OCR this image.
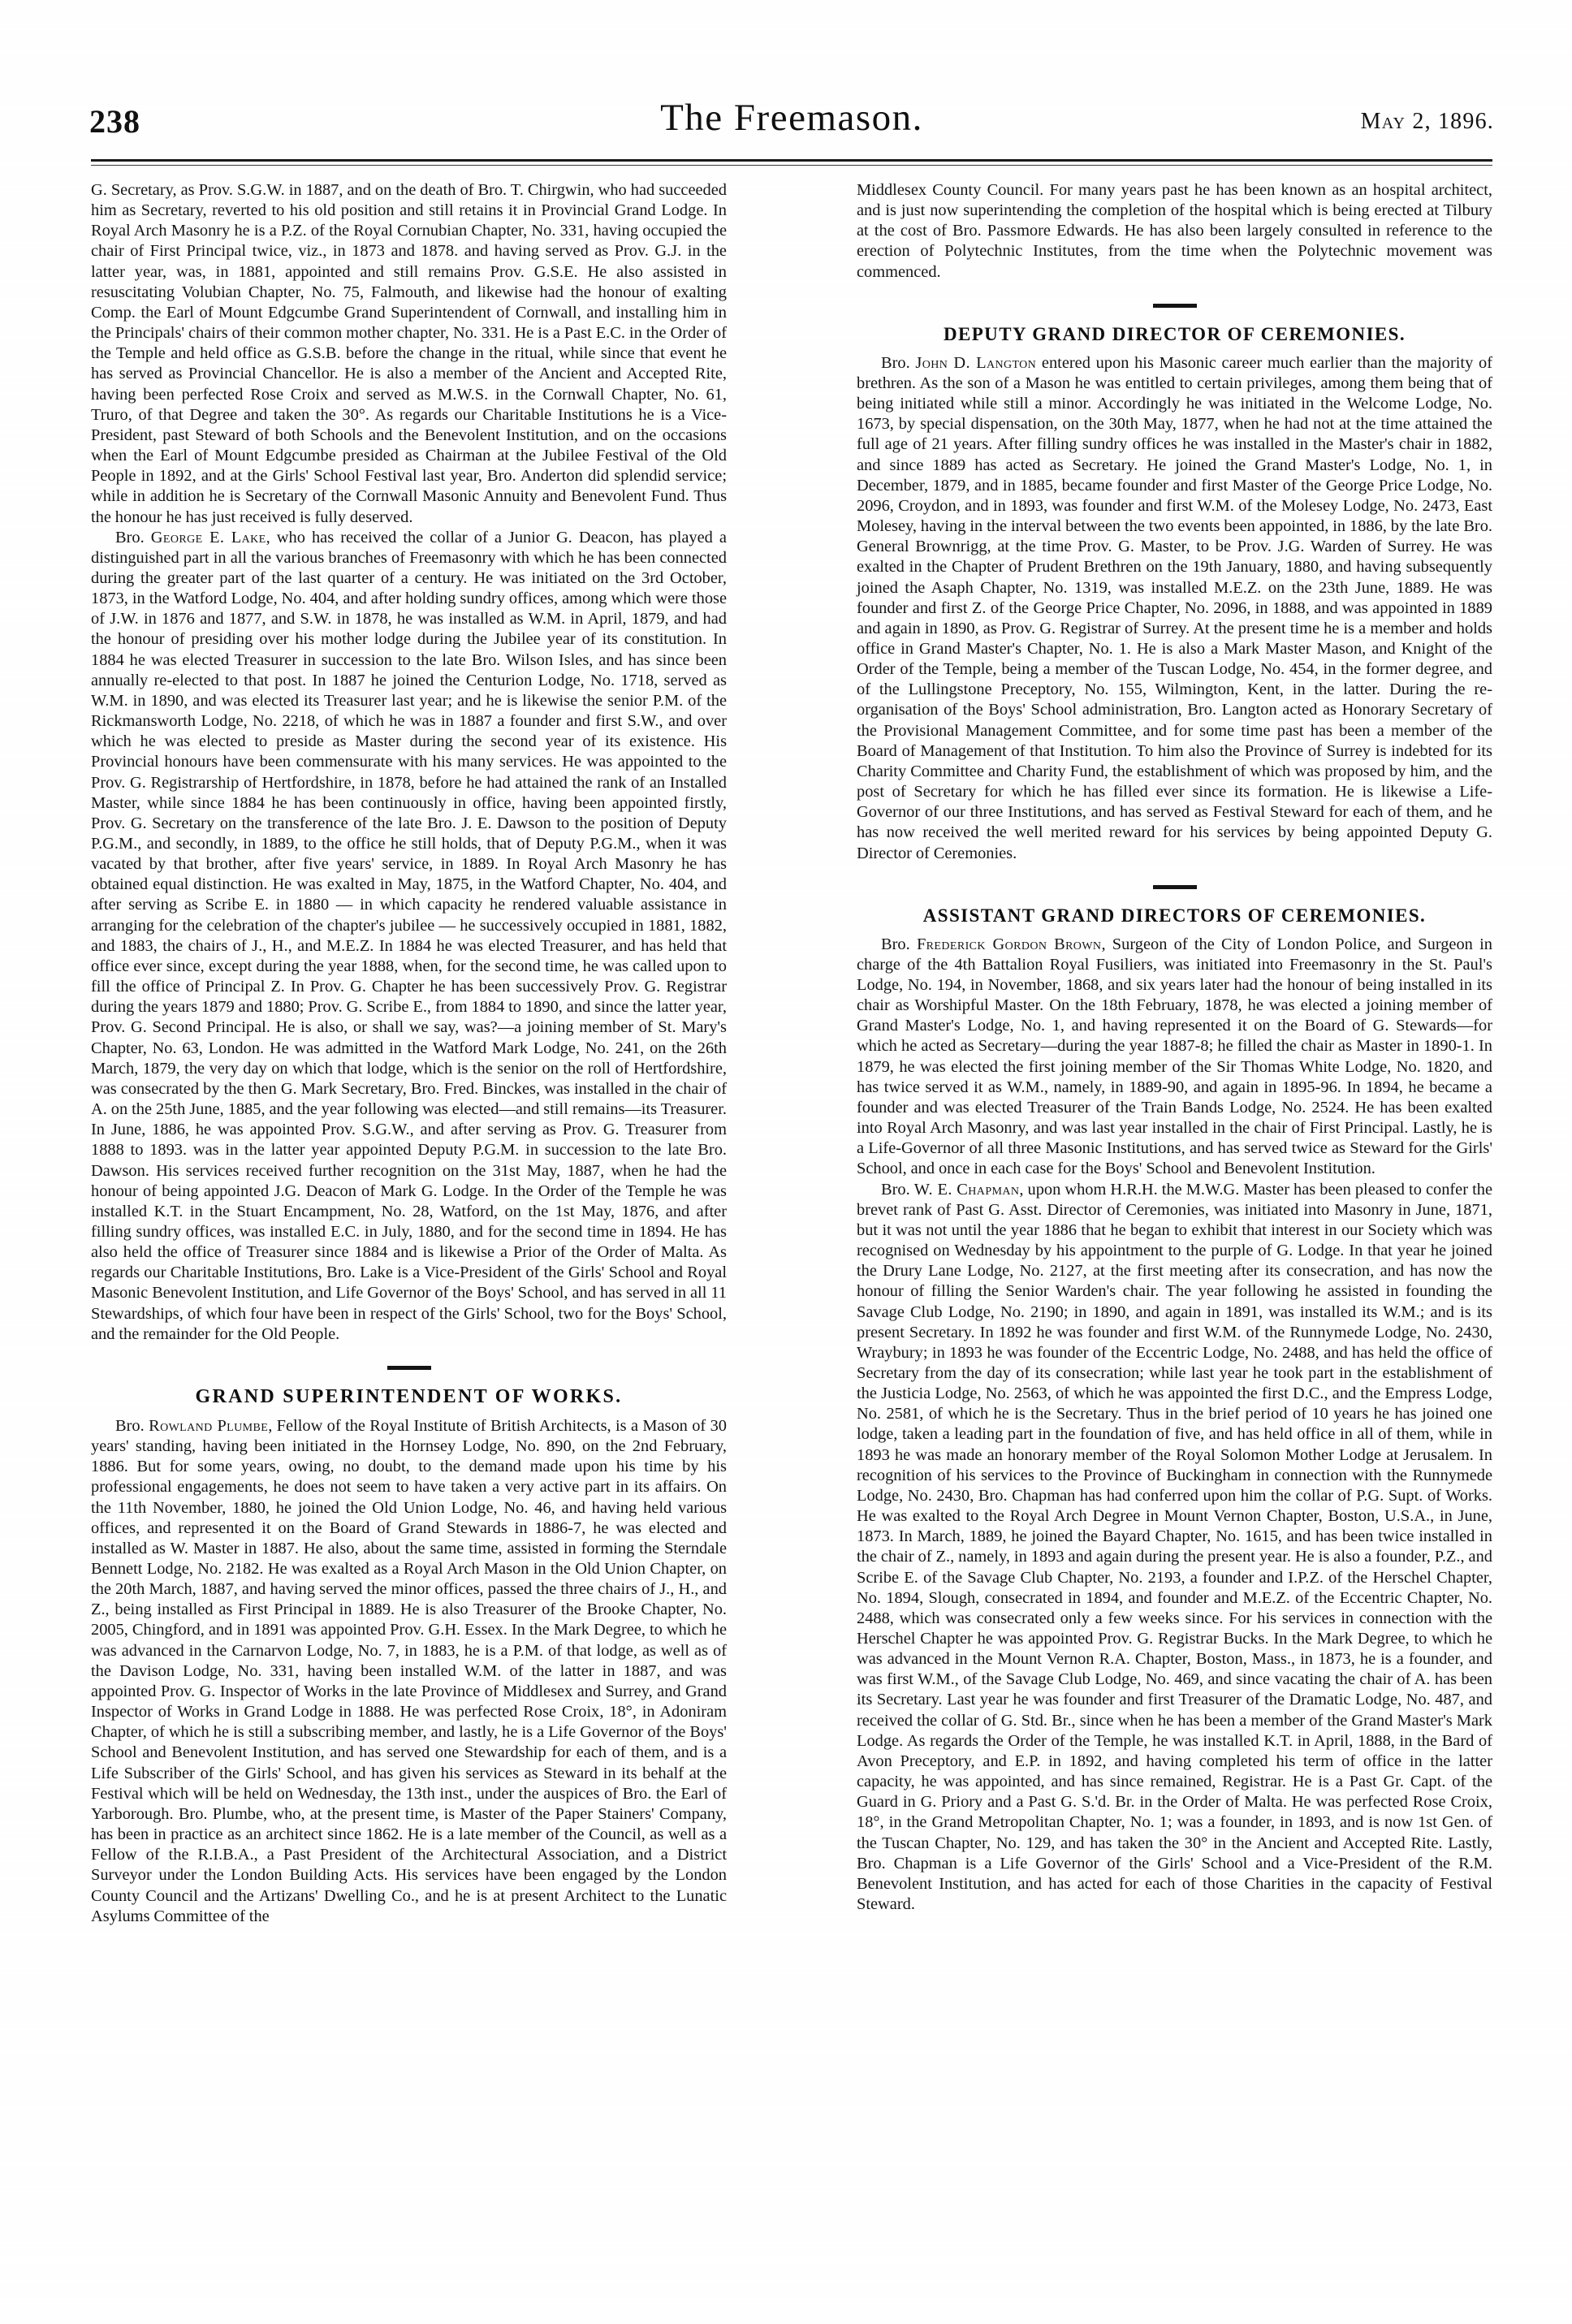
238	The Freemason.	may 2, 1896.

G. Secretary, as Prov. S.G.W. in 1887, and on the death of Bro. T. Chirgwin, who had succeeded him as Secretary, reverted to his old position and still retains it in Provincial Grand Lodge. In Royal Arch Masonry he is a P.Z. of the Royal Cornubian Chapter, No. 331, having occupied the chair of First Principal twice, viz., in 1873 and 1878. and having served as Prov. G.J. in the latter year, was, in 1881, appointed and still remains Prov. G.S.E. He also assisted in resuscitating Volubian Chapter, No. 75, Falmouth, and likewise had the honour of exalting Comp. the Earl of Mount Edgcumbe Grand Superintendent of Cornwall, and installing him in the Principals' chairs of their common mother chapter, No. 331. He is a Past E.C. in the Order of the Temple and held office as G.S.B. before the change in the ritual, while since that event he has served as Provincial Chancellor. He is also a member of the Ancient and Accepted Rite, having been perfected Rose Croix and served as M.W.S. in the Cornwall Chapter, No. 61, Truro, of that Degree and taken the 30°. As regards our Charitable Institutions he is a Vice-President, past Steward of both Schools and the Benevolent Institution, and on the occasions when the Earl of Mount Edgcumbe presided as Chairman at the Jubilee Festival of the Old People in 1892, and at the Girls' School Festival last year, Bro. Anderton did splendid service; while in addition he is Secretary of the Cornwall Masonic Annuity and Benevolent Fund. Thus the honour he has just received is fully deserved.

Bro. George E. Lake, who has received the collar of a Junior G. Deacon, has played a distinguished part in all the various branches of Freemasonry with which he has been connected during the greater part of the last quarter of a century. He was initiated on the 3rd October, 1873, in the Watford Lodge, No. 404, and after holding sundry offices, among which were those of J.W. in 1876 and 1877, and S.W. in 1878, he was installed as W.M. in April, 1879, and had the honour of presiding over his mother lodge during the Jubilee year of its constitution. In 1884 he was elected Treasurer in succession to the late Bro. Wilson Isles, and has since been annually re-elected to that post. In 1887 he joined the Centurion Lodge, No. 1718, served as W.M. in 1890, and was elected its Treasurer last year; and he is likewise the senior P.M. of the Rickmansworth Lodge, No. 2218, of which he was in 1887 a founder and first S.W., and over which he was elected to preside as Master during the second year of its existence. His Provincial honours have been commensurate with his many services. He was appointed to the Prov. G. Registrarship of Hertfordshire, in 1878, before he had attained the rank of an Installed Master, while since 1884 he has been continuously in office, having been appointed firstly, Prov. G. Secretary on the transference of the late Bro. J. E. Dawson to the position of Deputy P.G.M., and secondly, in 1889, to the office he still holds, that of Deputy P.G.M., when it was vacated by that brother, after five years' service, in 1889. In Royal Arch Masonry he has obtained equal distinction. He was exalted in May, 1875, in the Watford Chapter, No. 404, and after serving as Scribe E. in 1880 — in which capacity he rendered valuable assistance in arranging for the celebration of the chapter's jubilee — he successively occupied in 1881, 1882, and 1883, the chairs of J., H., and M.E.Z. In 1884 he was elected Treasurer, and has held that office ever since, except during the year 1888, when, for the second time, he was called upon to fill the office of Principal Z. In Prov. G. Chapter he has been successively Prov. G. Registrar during the years 1879 and 1880; Prov. G. Scribe E., from 1884 to 1890, and since the latter year, Prov. G. Second Principal. He is also, or shall we say, was?—a joining member of St. Mary's Chapter, No. 63, London. He was admitted in the Watford Mark Lodge, No. 241, on the 26th March, 1879, the very day on which that lodge, which is the senior on the roll of Hertfordshire, was consecrated by the then G. Mark Secretary, Bro. Fred. Binckes, was installed in the chair of A. on the 25th June, 1885, and the year following was elected—and still remains—its Treasurer. In June, 1886, he was appointed Prov. S.G.W., and after serving as Prov. G. Treasurer from 1888 to 1893. was in the latter year appointed Deputy P.G.M. in succession to the late Bro. Dawson. His services received further recognition on the 31st May, 1887, when he had the honour of being appointed J.G. Deacon of Mark G. Lodge. In the Order of the Temple he was installed K.T. in the Stuart Encampment, No. 28, Watford, on the 1st May, 1876, and after filling sundry offices, was installed E.C. in July, 1880, and for the second time in 1894. He has also held the office of Treasurer since 1884 and is likewise a Prior of the Order of Malta. As regards our Charitable Institutions, Bro. Lake is a Vice-President of the Girls' School and Royal Masonic Benevolent Institution, and Life Governor of the Boys' School, and has served in all 11 Stewardships, of which four have been in respect of the Girls' School, two for the Boys' School, and the remainder for the Old People.

GRAND SUPERINTENDENT OF WORKS.

Bro. Rowland Plumbe, Fellow of the Royal Institute of British Architects, is a Mason of 30 years' standing, having been initiated in the Hornsey Lodge, No. 890, on the 2nd February, 1886. But for some years, owing, no doubt, to the demand made upon his time by his professional engagements, he does not seem to have taken a very active part in its affairs. On the 11th November, 1880, he joined the Old Union Lodge, No. 46, and having held various offices, and represented it on the Board of Grand Stewards in 1886-7, he was elected and installed as W. Master in 1887. He also, about the same time, assisted in forming the Sterndale Bennett Lodge, No. 2182. He was exalted as a Royal Arch Mason in the Old Union Chapter, on the 20th March, 1887, and having served the minor offices, passed the three chairs of J., H., and Z., being installed as First Principal in 1889. He is also Treasurer of the Brooke Chapter, No. 2005, Chingford, and in 1891 was appointed Prov. G.H. Essex. In the Mark Degree, to which he was advanced in the Carnarvon Lodge, No. 7, in 1883, he is a P.M. of that lodge, as well as of the Davison Lodge, No. 331, having been installed W.M. of the latter in 1887, and was appointed Prov. G. Inspector of Works in the late Province of Middlesex and Surrey, and Grand Inspector of Works in Grand Lodge in 1888. He was perfected Rose Croix, 18°, in Adoniram Chapter, of which he is still a subscribing member, and lastly, he is a Life Governor of the Boys' School and Benevolent Institution, and has served one Stewardship for each of them, and is a Life Subscriber of the Girls' School, and has given his services as Steward in its behalf at the Festival which will be held on Wednesday, the 13th inst., under the auspices of Bro. the Earl of Yarborough. Bro. Plumbe, who, at the present time, is Master of the Paper Stainers' Company, has been in practice as an architect since 1862. He is a late member of the Council, as well as a Fellow of the R.I.B.A., a Past President of the Architectural Association, and a District Surveyor under the London Building Acts. His services have been engaged by the London County Council and the Artizans' Dwelling Co., and he is at present Architect to the Lunatic Asylums Committee of the

Middlesex County Council. For many years past he has been known as an hospital architect, and is just now superintending the completion of the hospital which is being erected at Tilbury at the cost of Bro. Passmore Edwards. He has also been largely consulted in reference to the erection of Polytechnic Institutes, from the time when the Polytechnic movement was commenced.

DEPUTY GRAND DIRECTOR OF CEREMONIES.

Bro. John D. Langton entered upon his Masonic career much earlier than the majority of brethren. As the son of a Mason he was entitled to certain privileges, among them being that of being initiated while still a minor. Accordingly he was initiated in the Welcome Lodge, No. 1673, by special dispensation, on the 30th May, 1877, when he had not at the time attained the full age of 21 years. After filling sundry offices he was installed in the Master's chair in 1882, and since 1889 has acted as Secretary. He joined the Grand Master's Lodge, No. 1, in December, 1879, and in 1885, became founder and first Master of the George Price Lodge, No. 2096, Croydon, and in 1893, was founder and first W.M. of the Molesey Lodge, No. 2473, East Molesey, having in the interval between the two events been appointed, in 1886, by the late Bro. General Brownrigg, at the time Prov. G. Master, to be Prov. J.G. Warden of Surrey. He was exalted in the Chapter of Prudent Brethren on the 19th January, 1880, and having subsequently joined the Asaph Chapter, No. 1319, was installed M.E.Z. on the 23th June, 1889. He was founder and first Z. of the George Price Chapter, No. 2096, in 1888, and was appointed in 1889 and again in 1890, as Prov. G. Registrar of Surrey. At the present time he is a member and holds office in Grand Master's Chapter, No. 1. He is also a Mark Master Mason, and Knight of the Order of the Temple, being a member of the Tuscan Lodge, No. 454, in the former degree, and of the Lullingstone Preceptory, No. 155, Wilmington, Kent, in the latter. During the re-organisation of the Boys' School administration, Bro. Langton acted as Honorary Secretary of the Provisional Management Committee, and for some time past has been a member of the Board of Management of that Institution. To him also the Province of Surrey is indebted for its Charity Committee and Charity Fund, the establishment of which was proposed by him, and the post of Secretary for which he has filled ever since its formation. He is likewise a Life-Governor of our three Institutions, and has served as Festival Steward for each of them, and he has now received the well merited reward for his services by being appointed Deputy G. Director of Ceremonies.

ASSISTANT GRAND DIRECTORS OF CEREMONIES.

Bro. Frederick Gordon Brown, Surgeon of the City of London Police, and Surgeon in charge of the 4th Battalion Royal Fusiliers, was initiated into Freemasonry in the St. Paul's Lodge, No. 194, in November, 1868, and six years later had the honour of being installed in its chair as Worshipful Master. On the 18th February, 1878, he was elected a joining member of Grand Master's Lodge, No. 1, and having represented it on the Board of G. Stewards—for which he acted as Secretary—during the year 1887-8; he filled the chair as Master in 1890-1. In 1879, he was elected the first joining member of the Sir Thomas White Lodge, No. 1820, and has twice served it as W.M., namely, in 1889-90, and again in 1895-96. In 1894, he became a founder and was elected Treasurer of the Train Bands Lodge, No. 2524. He has been exalted into Royal Arch Masonry, and was last year installed in the chair of First Principal. Lastly, he is a Life-Governor of all three Masonic Institutions, and has served twice as Steward for the Girls' School, and once in each case for the Boys' School and Benevolent Institution.

Bro. W. E. Chapman, upon whom H.R.H. the M.W.G. Master has been pleased to confer the brevet rank of Past G. Asst. Director of Ceremonies, was initiated into Masonry in June, 1871, but it was not until the year 1886 that he began to exhibit that interest in our Society which was recognised on Wednesday by his appointment to the purple of G. Lodge. In that year he joined the Drury Lane Lodge, No. 2127, at the first meeting after its consecration, and has now the honour of filling the Senior Warden's chair. The year following he assisted in founding the Savage Club Lodge, No. 2190; in 1890, and again in 1891, was installed its W.M.; and is its present Secretary. In 1892 he was founder and first W.M. of the Runnymede Lodge, No. 2430, Wraybury; in 1893 he was founder of the Eccentric Lodge, No. 2488, and has held the office of Secretary from the day of its consecration; while last year he took part in the establishment of the Justicia Lodge, No. 2563, of which he was appointed the first D.C., and the Empress Lodge, No. 2581, of which he is the Secretary. Thus in the brief period of 10 years he has joined one lodge, taken a leading part in the foundation of five, and has held office in all of them, while in 1893 he was made an honorary member of the Royal Solomon Mother Lodge at Jerusalem. In recognition of his services to the Province of Buckingham in connection with the Runnymede Lodge, No. 2430, Bro. Chapman has had conferred upon him the collar of P.G. Supt. of Works. He was exalted to the Royal Arch Degree in Mount Vernon Chapter, Boston, U.S.A., in June, 1873. In March, 1889, he joined the Bayard Chapter, No. 1615, and has been twice installed in the chair of Z., namely, in 1893 and again during the present year. He is also a founder, P.Z., and Scribe E. of the Savage Club Chapter, No. 2193, a founder and I.P.Z. of the Herschel Chapter, No. 1894, Slough, consecrated in 1894, and founder and M.E.Z. of the Eccentric Chapter, No. 2488, which was consecrated only a few weeks since. For his services in connection with the Herschel Chapter he was appointed Prov. G. Registrar Bucks. In the Mark Degree, to which he was advanced in the Mount Vernon R.A. Chapter, Boston, Mass., in 1873, he is a founder, and was first W.M., of the Savage Club Lodge, No. 469, and since vacating the chair of A. has been its Secretary. Last year he was founder and first Treasurer of the Dramatic Lodge, No. 487, and received the collar of G. Std. Br., since when he has been a member of the Grand Master's Mark Lodge. As regards the Order of the Temple, he was installed K.T. in April, 1888, in the Bard of Avon Preceptory, and E.P. in 1892, and having completed his term of office in the latter capacity, he was appointed, and has since remained, Registrar. He is a Past Gr. Capt. of the Guard in G. Priory and a Past G. S.'d. Br. in the Order of Malta. He was perfected Rose Croix, 18°, in the Grand Metropolitan Chapter, No. 1; was a founder, in 1893, and is now 1st Gen. of the Tuscan Chapter, No. 129, and has taken the 30° in the Ancient and Accepted Rite. Lastly, Bro. Chapman is a Life Governor of the Girls' School and a Vice-President of the R.M. Benevolent Institution, and has acted for each of those Charities in the capacity of Festival Steward.
